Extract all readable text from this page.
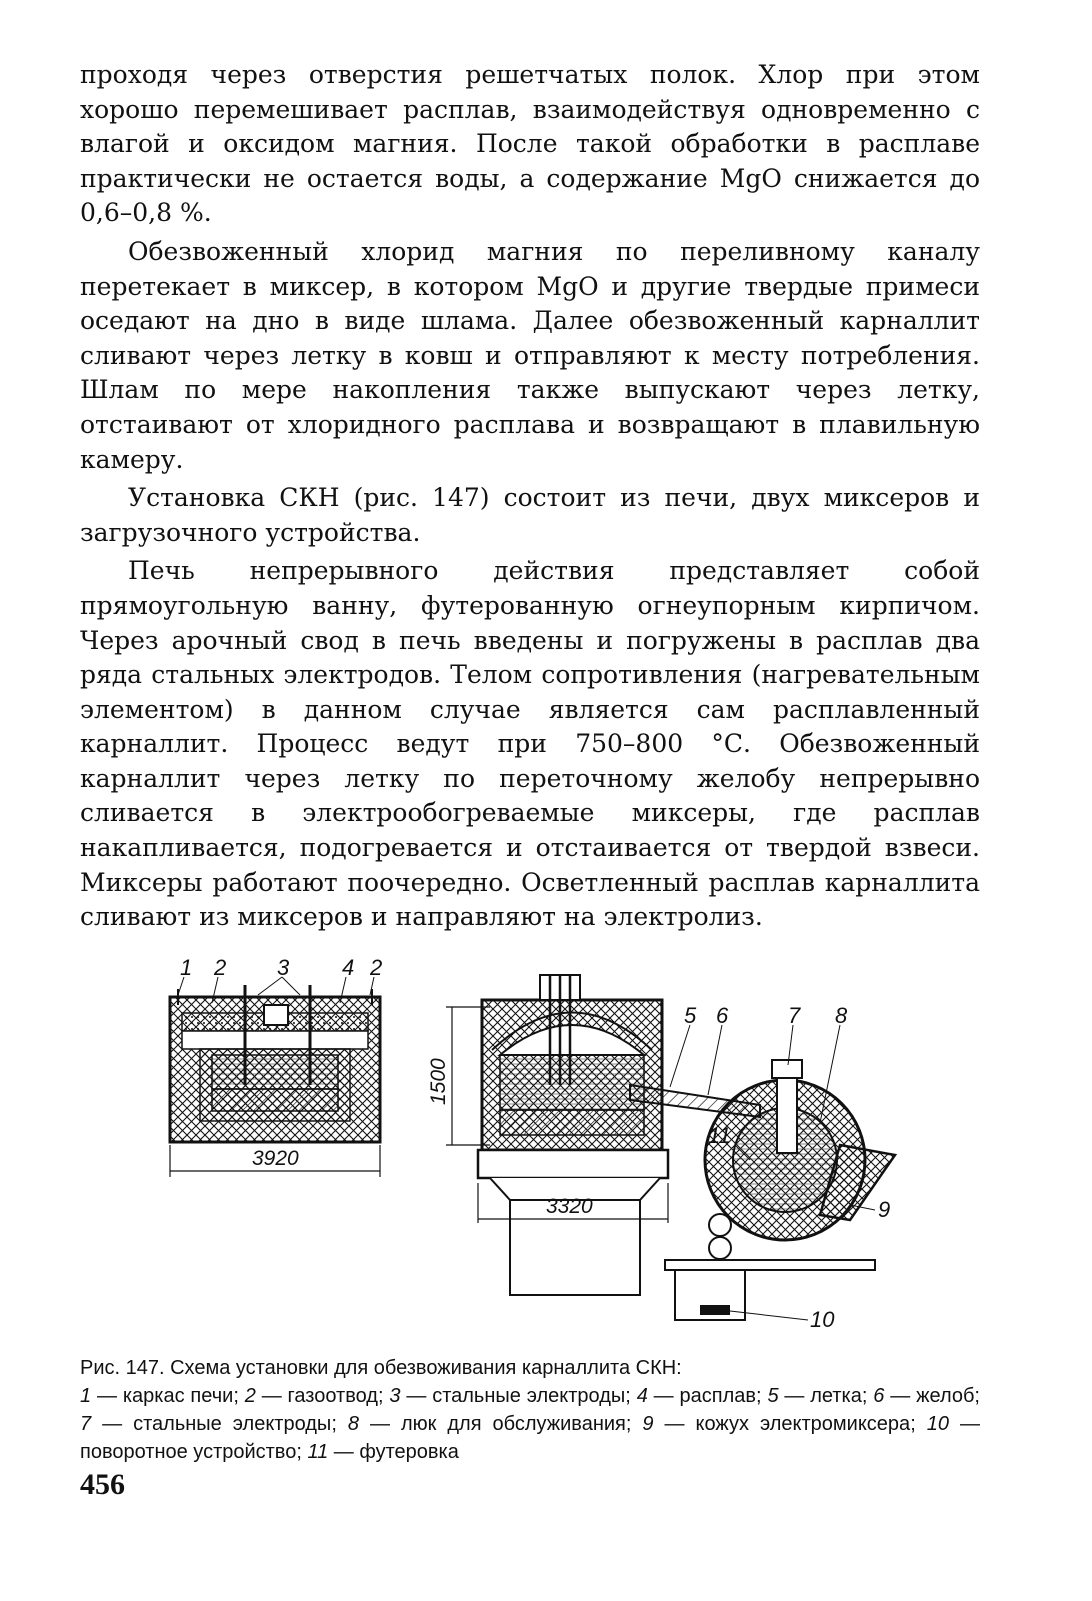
проходя через отверстия решетчатых полок. Хлор при этом хорошо перемешивает расплав, взаимодействуя одновременно с влагой и оксидом магния. После такой обработки в расплаве практически не остается воды, а содержание MgO снижается до 0,6–0,8 %.

Обезвоженный хлорид магния по переливному каналу перетекает в миксер, в котором MgO и другие твердые примеси оседают на дно в виде шлама. Далее обезвоженный карналлит сливают через летку в ковш и отправляют к месту потребления. Шлам по мере накопления также выпускают через летку, отстаивают от хлоридного расплава и возвращают в плавильную камеру.

Установка СКН (рис. 147) состоит из печи, двух миксеров и загрузочного устройства.

Печь непрерывного действия представляет собой прямоугольную ванну, футерованную огнеупорным кирпичом. Через арочный свод в печь введены и погружены в расплав два ряда стальных электродов. Телом сопротивления (нагревательным элементом) в данном случае является сам расплавленный карналлит. Процесс ведут при 750–800 °С. Обезвоженный карналлит через летку по переточному желобу непрерывно сливается в электрообогреваемые миксеры, где расплав накапливается, подогревается и отстаивается от твердой взвеси. Миксеры работают поочередно. Осветленный расплав карналлита сливают из миксеров и направляют на электролиз.

3920
1 2 3 4 2
1500
3320
5 6	7 8
9
10
11
Рис. 147. Схема установки для обезвоживания карналлита СКН:
1 — каркас печи; 2 — газоотвод; 3 — стальные электроды; 4 — расплав; 5 — летка; 6 — желоб; 7 — стальные электроды; 8 — люк для обслуживания; 9 — кожух электромиксера; 10 — поворотное устройство; 11 — футеровка
456
